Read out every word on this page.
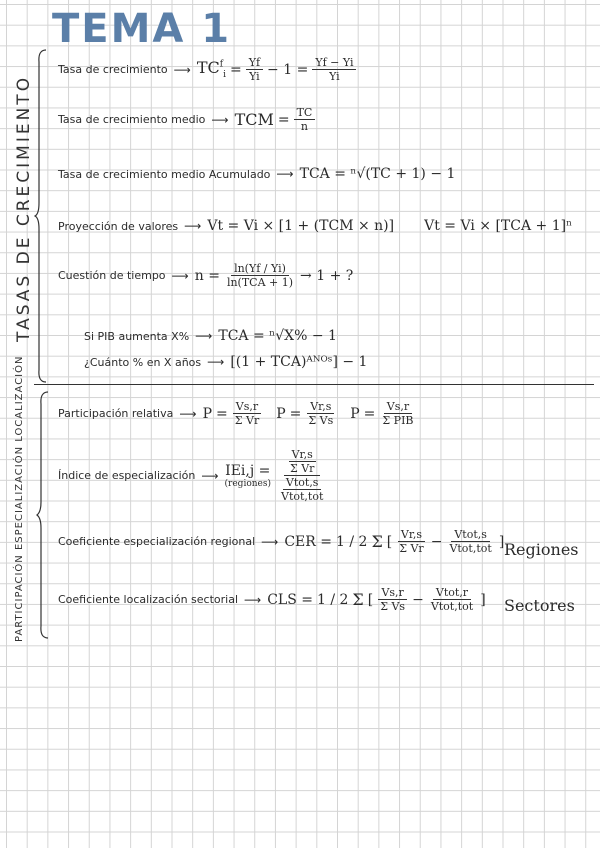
TEMA 1
TASAS DE CRECIMIENTO
PARTICIPACIÓN ESPECIALIZACIÓN LOCALIZACIÓN
Tasa de crecimiento ⟶ $TC^f_i = \frac{Yf}{Yi} - 1 = \frac{Yf - Yi}{Yi}$
Tasa de crecimiento medio ⟶ TCM = $\frac{TC}{n}$
Tasa de crecimiento medio Acumulado ⟶ TCA = ⁿ√(TC + 1) − 1
Proyección de valores ⟶ Vt = Vi × [1 + (TCM × n)] Vt = Vi × [TCA + 1]ⁿ
Cuestión de tiempo ⟶ $n = \frac{\ln(Yf / Yi)}{\text{ln(TCA + 1)}} \to 1$ + ?
Si PIB aumenta X% ⟶ TCA = ⁿ√X% − 1
¿Cuánto % en X años ⟶ [(1 + TCA)ᴬᴺᴼˢ] − 1
Participación relativa ⟶ $P = \frac{Vs,r}{\text{Σ Vr}}$ $P = \frac{Vr,s}{\text{Σ Vs}}$ $P = \frac{Vs,r}{\text{Σ PIB}}$
Índice de especialización ⟶ IEi,j =
(regiones) $\frac{\frac{Vr,s}{\text{Σ Vr}}}{\frac{\text{Vtot,s}}{\text{Vtot,tot}}}$
Coeficiente especialización regional ⟶ CER = 1 / 2 Σ [ $\frac{Vr,s}{\text{Σ Vr}} - \frac{\text{Vtot,s}}{\text{Vtot,tot}}$ ] Regiones
Coeficiente localización sectorial ⟶ CLS = 1 / 2 Σ [ $\frac{Vs,r}{\text{Σ Vs}} - \frac{\text{Vtot,r}}{\text{Vtot,tot}}$ ] Sectores
